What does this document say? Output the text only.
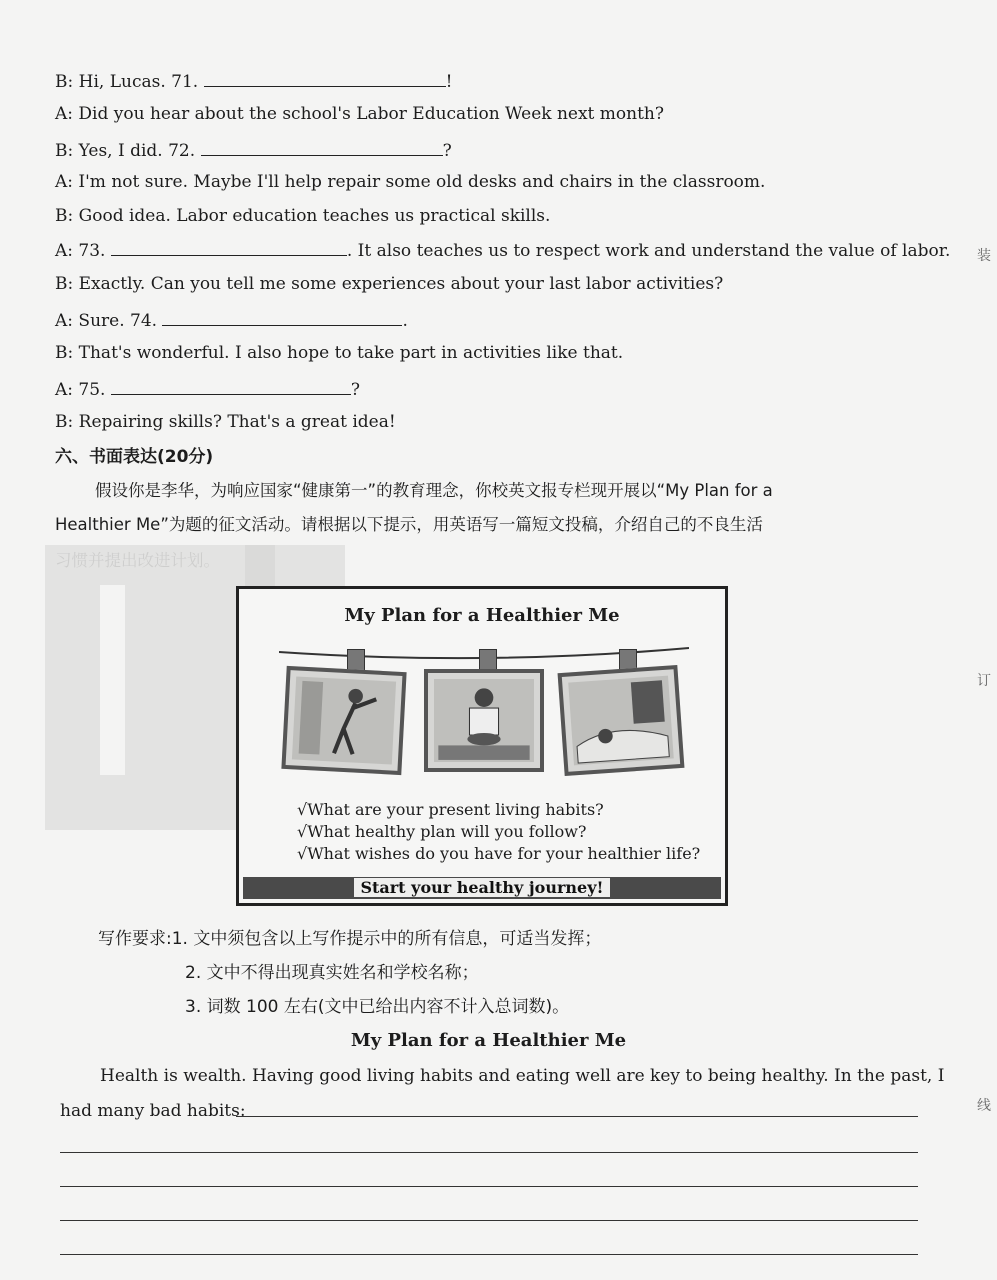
B: Hi, Lucas. 71.	!
A: Did you hear about the school's Labor Education Week next month?
B: Yes, I did. 72.	?
A: I'm not sure. Maybe I'll help repair some old desks and chairs in the classroom.
B: Good idea. Labor education teaches us practical skills.
A: 73.	. It also teaches us to respect work and understand the value of labor.
B: Exactly. Can you tell me some experiences about your last labor activities?
A: Sure. 74.	.
B: That's wonderful. I also hope to take part in activities like that.
A: 75.	?
B: Repairing skills? That's a great idea!
六、书面表达(20分)
假设你是李华，为响应国家“健康第一”的教育理念，你校英文报专栏现开展以“My Plan for a
Healthier Me”为题的征文活动。请根据以下提示，用英语写一篇短文投稿，介绍自己的不良生活
My Plan for a Healthier Me
√What are your present living habits?
√What healthy plan will you follow?
√What wishes do you have for your healthier life?
Start your healthy journey!
写作要求:1. 文中须包含以上写作提示中的所有信息，可适当发挥；
2. 文中不得出现真实姓名和学校名称；
3. 词数 100 左右(文中已给出内容不计入总词数)。
My Plan for a Healthier Me
Health is wealth. Having good living habits and eating well are key to being healthy. In the past, I
had many bad habits:
装
订
线
